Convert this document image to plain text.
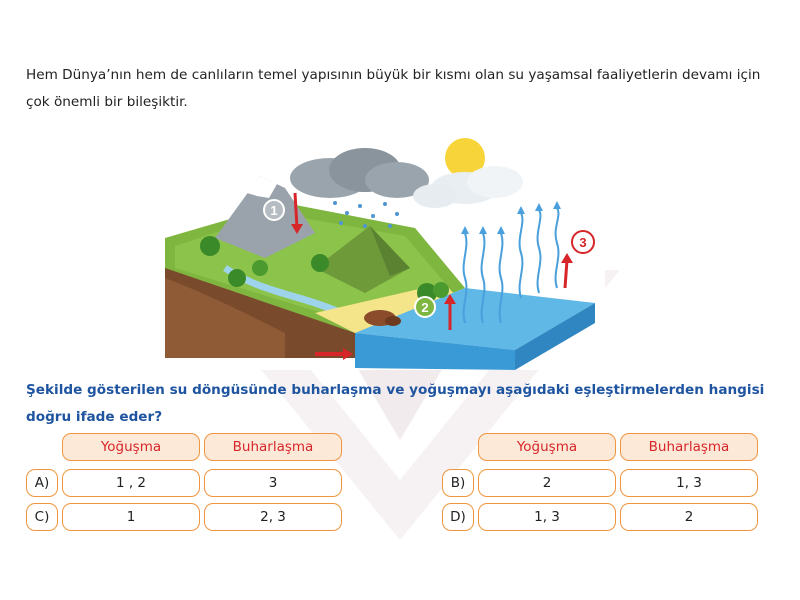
Hem Dünya’nın hem de canlıların temel yapısının büyük bir kısmı olan su yaşamsal faaliyetlerin devamı için çok önemli bir bileşiktir.
1
2
3
Şekilde gösterilen su döngüsünde buharlaşma ve yoğuşmayı aşağıdaki eşleştirmelerden hangisi doğru ifade eder?
Yoğuşma	Buharlaşma	Yoğuşma	Buharlaşma
A)	1 , 2	3	B)	2	1, 3
C)	1	2, 3	D)	1, 3	2
